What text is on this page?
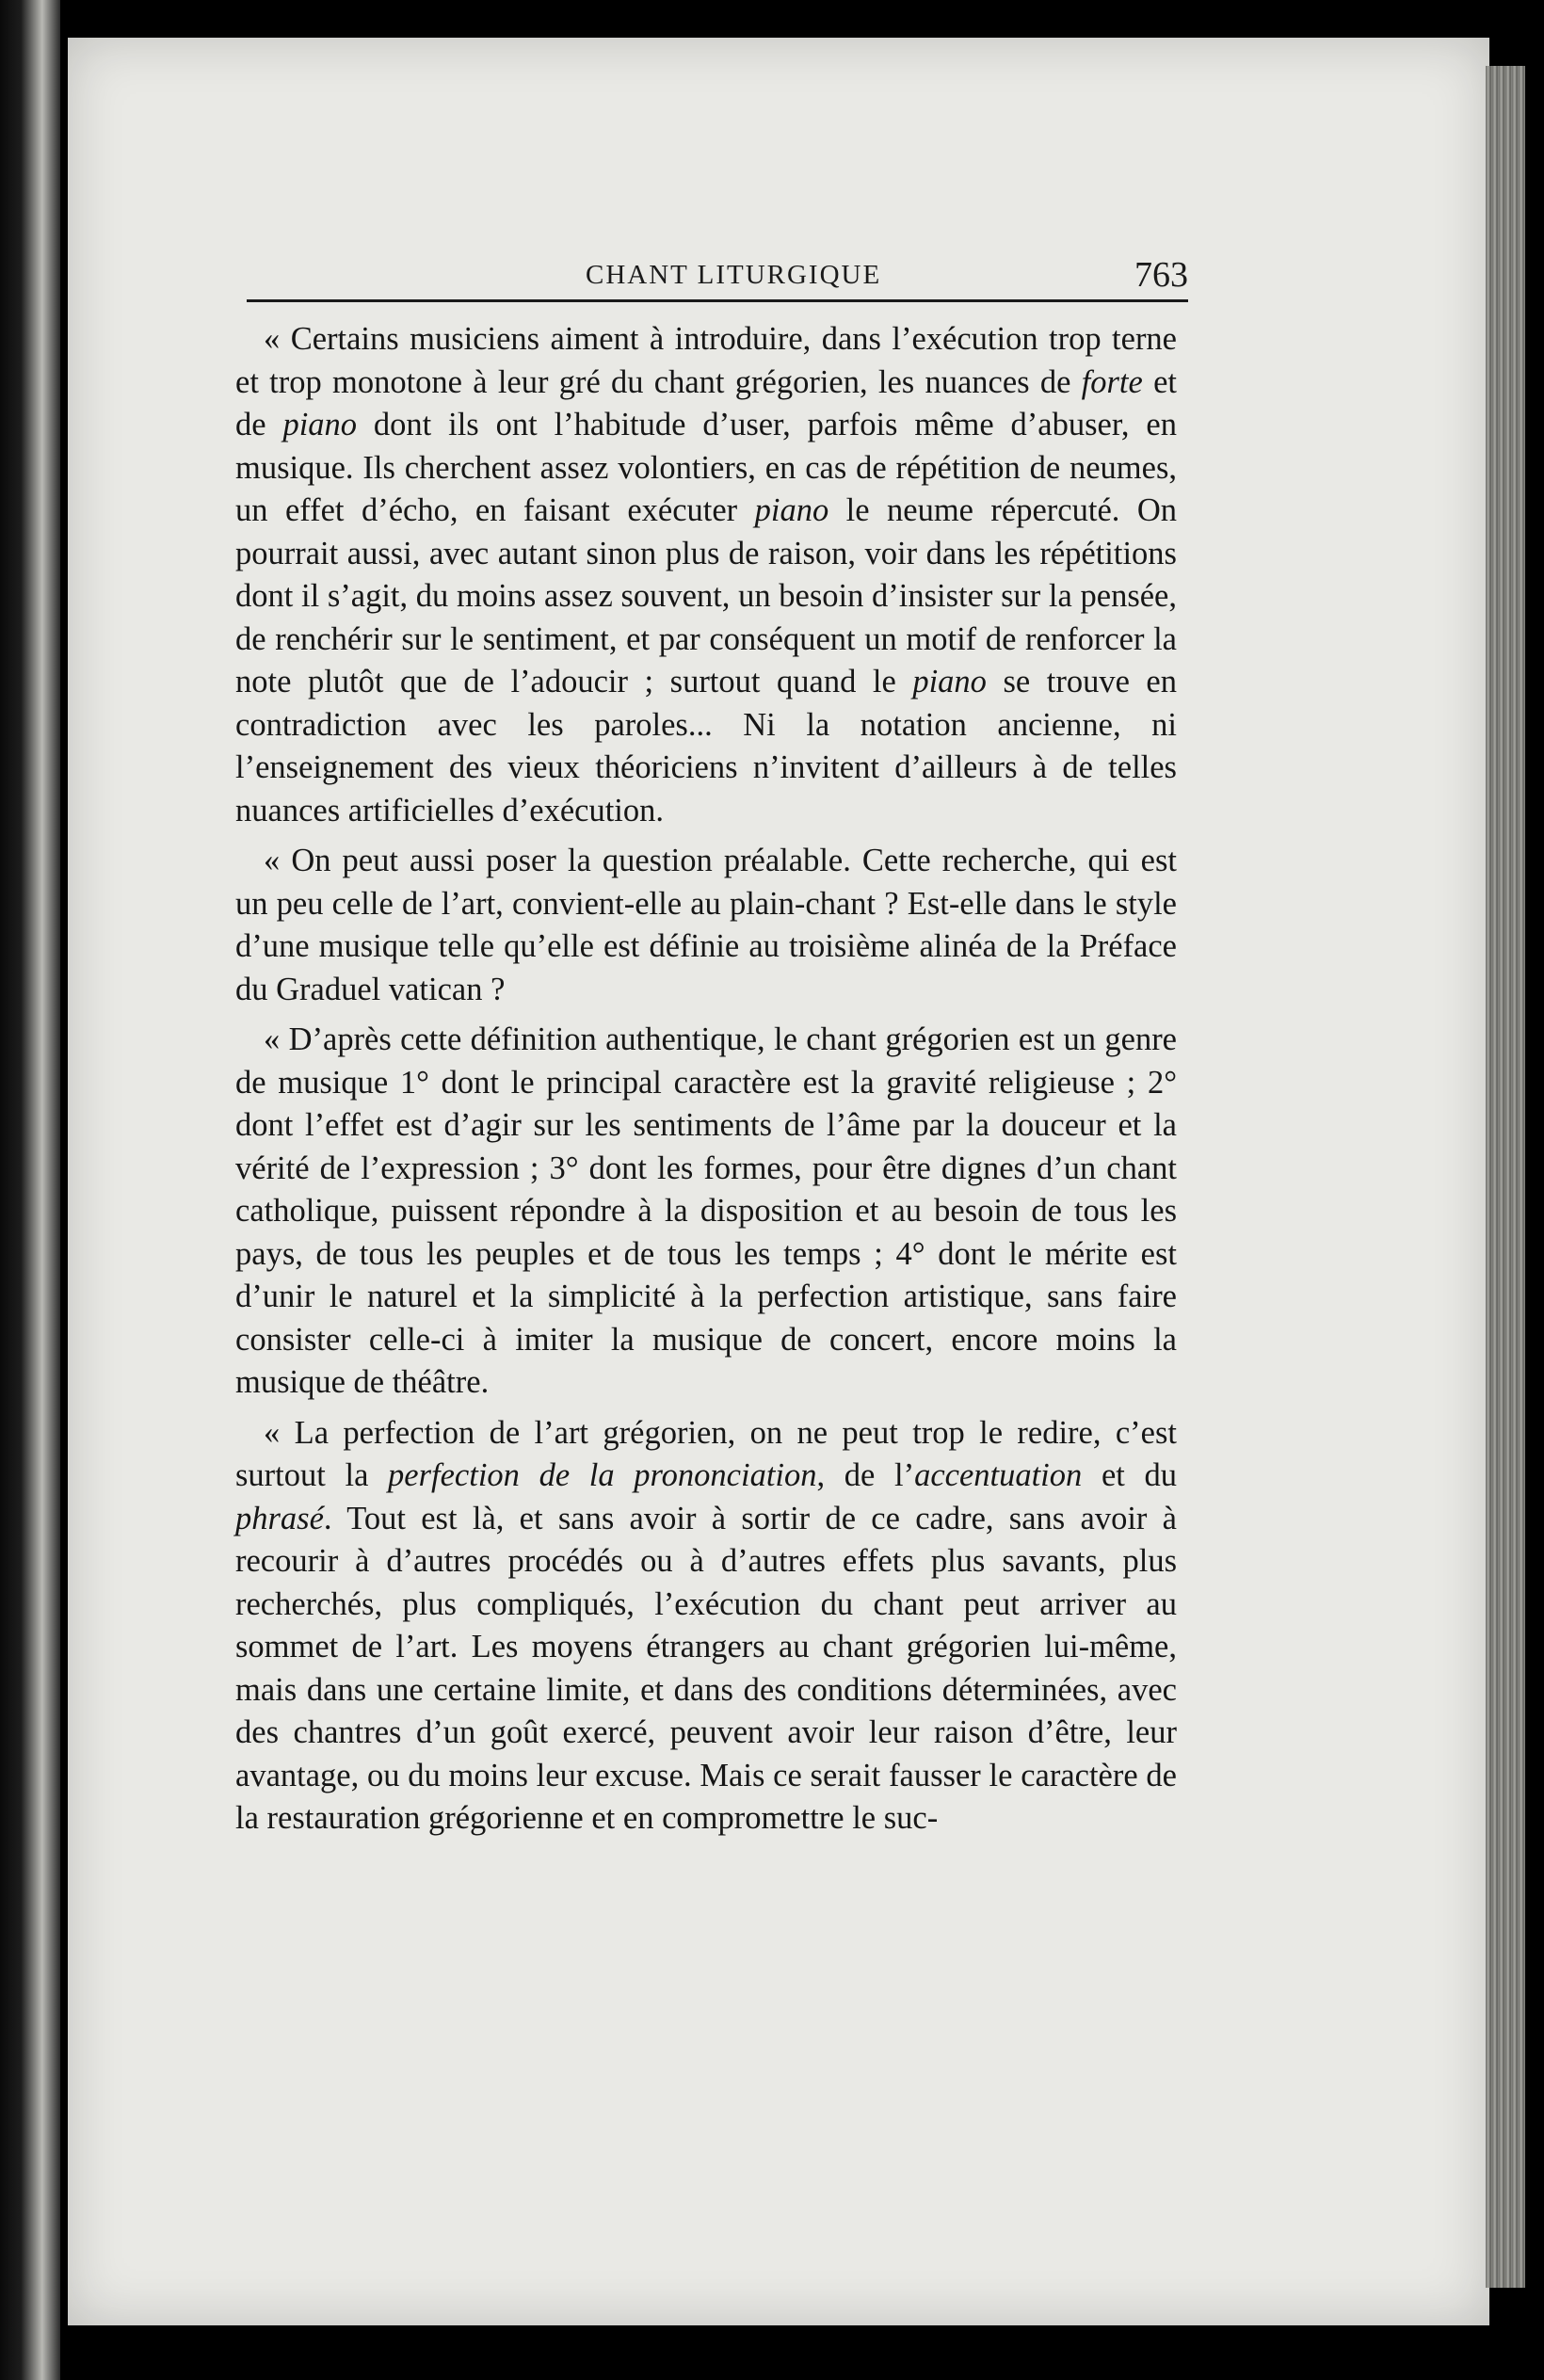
CHANT LITURGIQUE	763

« Certains musiciens aiment à introduire, dans l’exécution trop terne et trop monotone à leur gré du chant grégorien, les nuances de forte et de piano dont ils ont l’habitude d’user, parfois même d’abuser, en musique. Ils cherchent assez volontiers, en cas de répétition de neumes, un effet d’écho, en faisant exécuter piano le neume répercuté. On pourrait aussi, avec autant sinon plus de raison, voir dans les répétitions dont il s’agit, du moins assez souvent, un besoin d’insister sur la pensée, de renchérir sur le sentiment, et par conséquent un motif de renforcer la note plutôt que de l’adoucir ; surtout quand le piano se trouve en contradiction avec les paroles... Ni la notation ancienne, ni l’enseignement des vieux théoriciens n’invitent d’ailleurs à de telles nuances artificielles d’exécution.

« On peut aussi poser la question préalable. Cette recherche, qui est un peu celle de l’art, convient-elle au plain-chant ? Est-elle dans le style d’une musique telle qu’elle est définie au troisième alinéa de la Préface du Graduel vatican ?

« D’après cette définition authentique, le chant grégorien est un genre de musique 1° dont le principal caractère est la gravité religieuse ; 2° dont l’effet est d’agir sur les sentiments de l’âme par la douceur et la vérité de l’expression ; 3° dont les formes, pour être dignes d’un chant catholique, puissent répondre à la disposition et au besoin de tous les pays, de tous les peuples et de tous les temps ; 4° dont le mérite est d’unir le naturel et la simplicité à la perfection artistique, sans faire consister celle-ci à imiter la musique de concert, encore moins la musique de théâtre.

« La perfection de l’art grégorien, on ne peut trop le redire, c’est surtout la perfection de la prononciation, de l’accentuation et du phrasé. Tout est là, et sans avoir à sortir de ce cadre, sans avoir à recourir à d’autres procédés ou à d’autres effets plus savants, plus recherchés, plus compliqués, l’exécution du chant peut arriver au sommet de l’art. Les moyens étrangers au chant grégorien lui-même, mais dans une certaine limite, et dans des conditions déterminées, avec des chantres d’un goût exercé, peuvent avoir leur raison d’être, leur avantage, ou du moins leur excuse. Mais ce serait fausser le caractère de la restauration grégorienne et en compromettre le suc-
